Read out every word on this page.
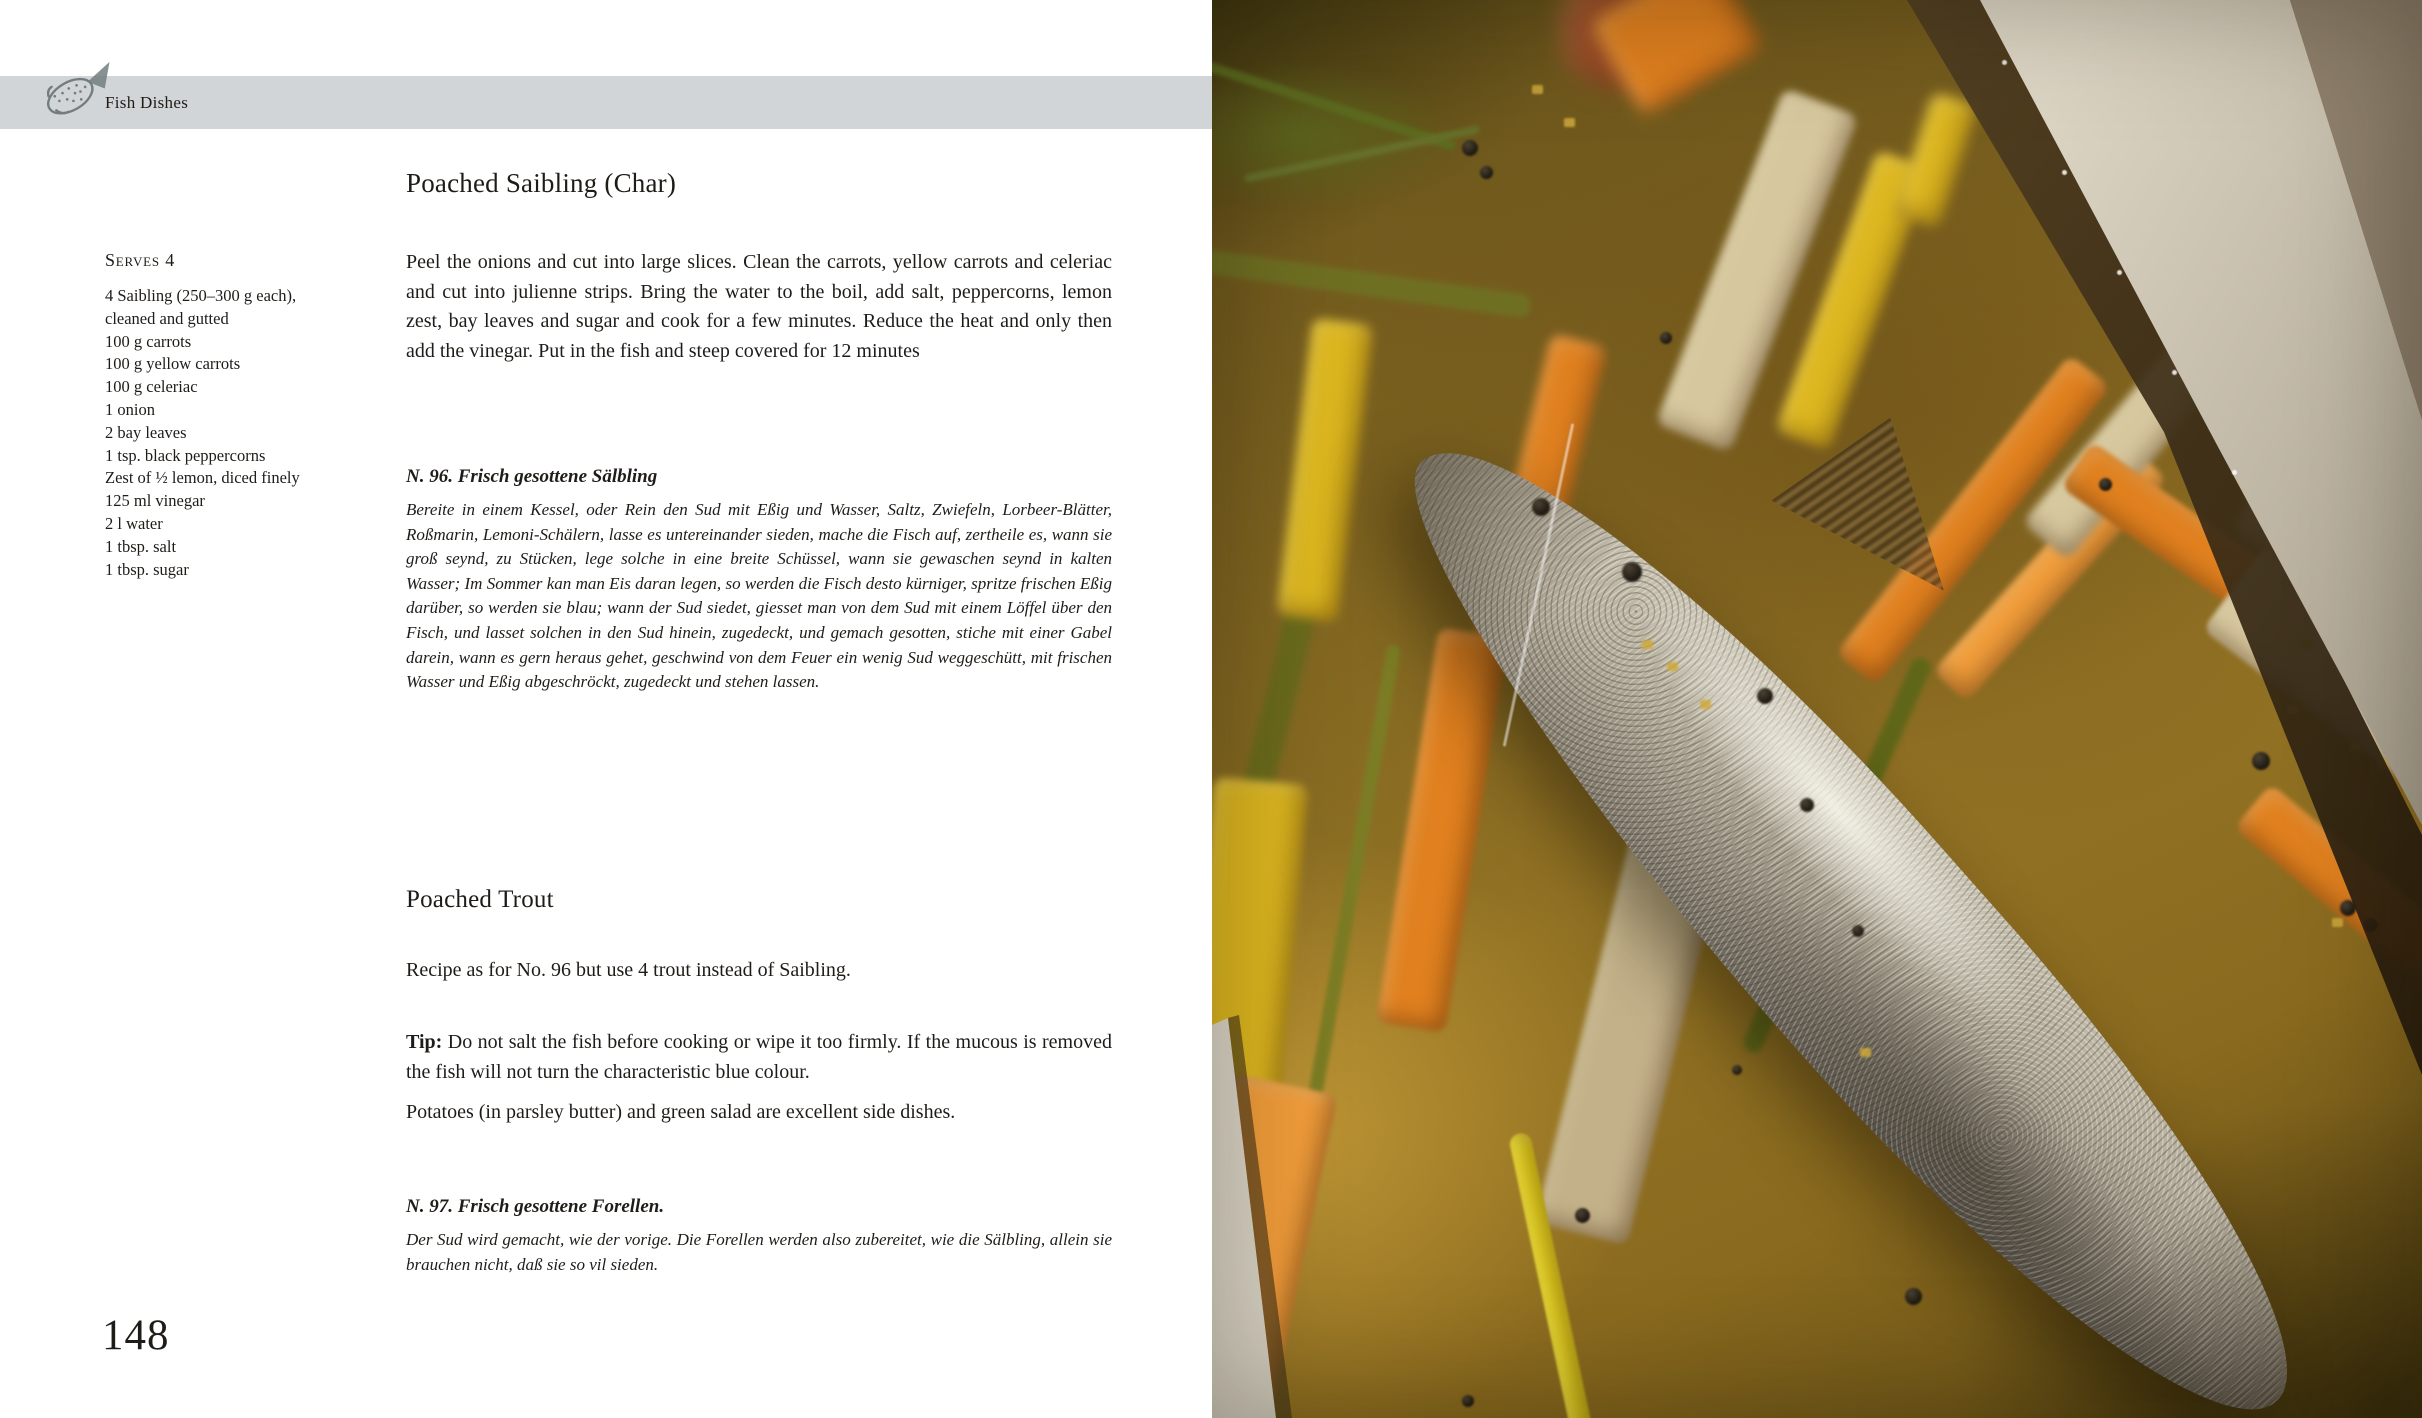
Fish Dishes
Serves 4
4 Saibling (250–300 g each),
cleaned and gutted
100 g carrots
100 g yellow carrots
100 g celeriac
1 onion
2 bay leaves
1 tsp. black peppercorns
Zest of ½ lemon, diced finely
125 ml vinegar
2 l water
1 tbsp. salt
1 tbsp. sugar
Poached Saibling (Char)

Peel the onions and cut into large slices. Clean the carrots, yellow carrots and celeriac and cut into julienne strips. Bring the water to the boil, add salt, peppercorns, lemon zest, bay leaves and sugar and cook for a few minutes. Reduce the heat and only then add the vinegar. Put in the fish and steep covered for 12 minutes

N. 96. Frisch gesottene Sälbling

Bereite in einem Kessel, oder Rein den Sud mit Eßig und Wasser, Saltz, Zwiefeln, Lorbeer-Blätter, Roßmarin, Lemoni-Schälern, lasse es untereinander sieden, mache die Fisch auf, zertheile es, wann sie groß seynd, zu Stücken, lege solche in eine breite Schüssel, wann sie gewaschen seynd in kalten Wasser; Im Sommer kan man Eis daran legen, so werden die Fisch desto kürniger, spritze frischen Eßig darüber, so werden sie blau; wann der Sud siedet, giesset man von dem Sud mit einem Löffel über den Fisch, und lasset solchen in den Sud hinein, zugedeckt, und gemach gesotten, stiche mit einer Gabel darein, wann es gern heraus gehet, geschwind von dem Feuer ein wenig Sud weggeschütt, mit frischen Wasser und Eßig abgeschröckt, zugedeckt und stehen lassen.

Poached Trout

Recipe as for No. 96 but use 4 trout instead of Saibling.

Tip: Do not salt the fish before cooking or wipe it too firmly. If the mucous is removed the fish will not turn the characteristic blue colour.

Potatoes (in parsley butter) and green salad are excellent side dishes.

N. 97. Frisch gesottene Forellen.

Der Sud wird gemacht, wie der vorige. Die Forellen werden also zubereitet, wie die Sälbling, allein sie brauchen nicht, daß sie so vil sieden.

148
